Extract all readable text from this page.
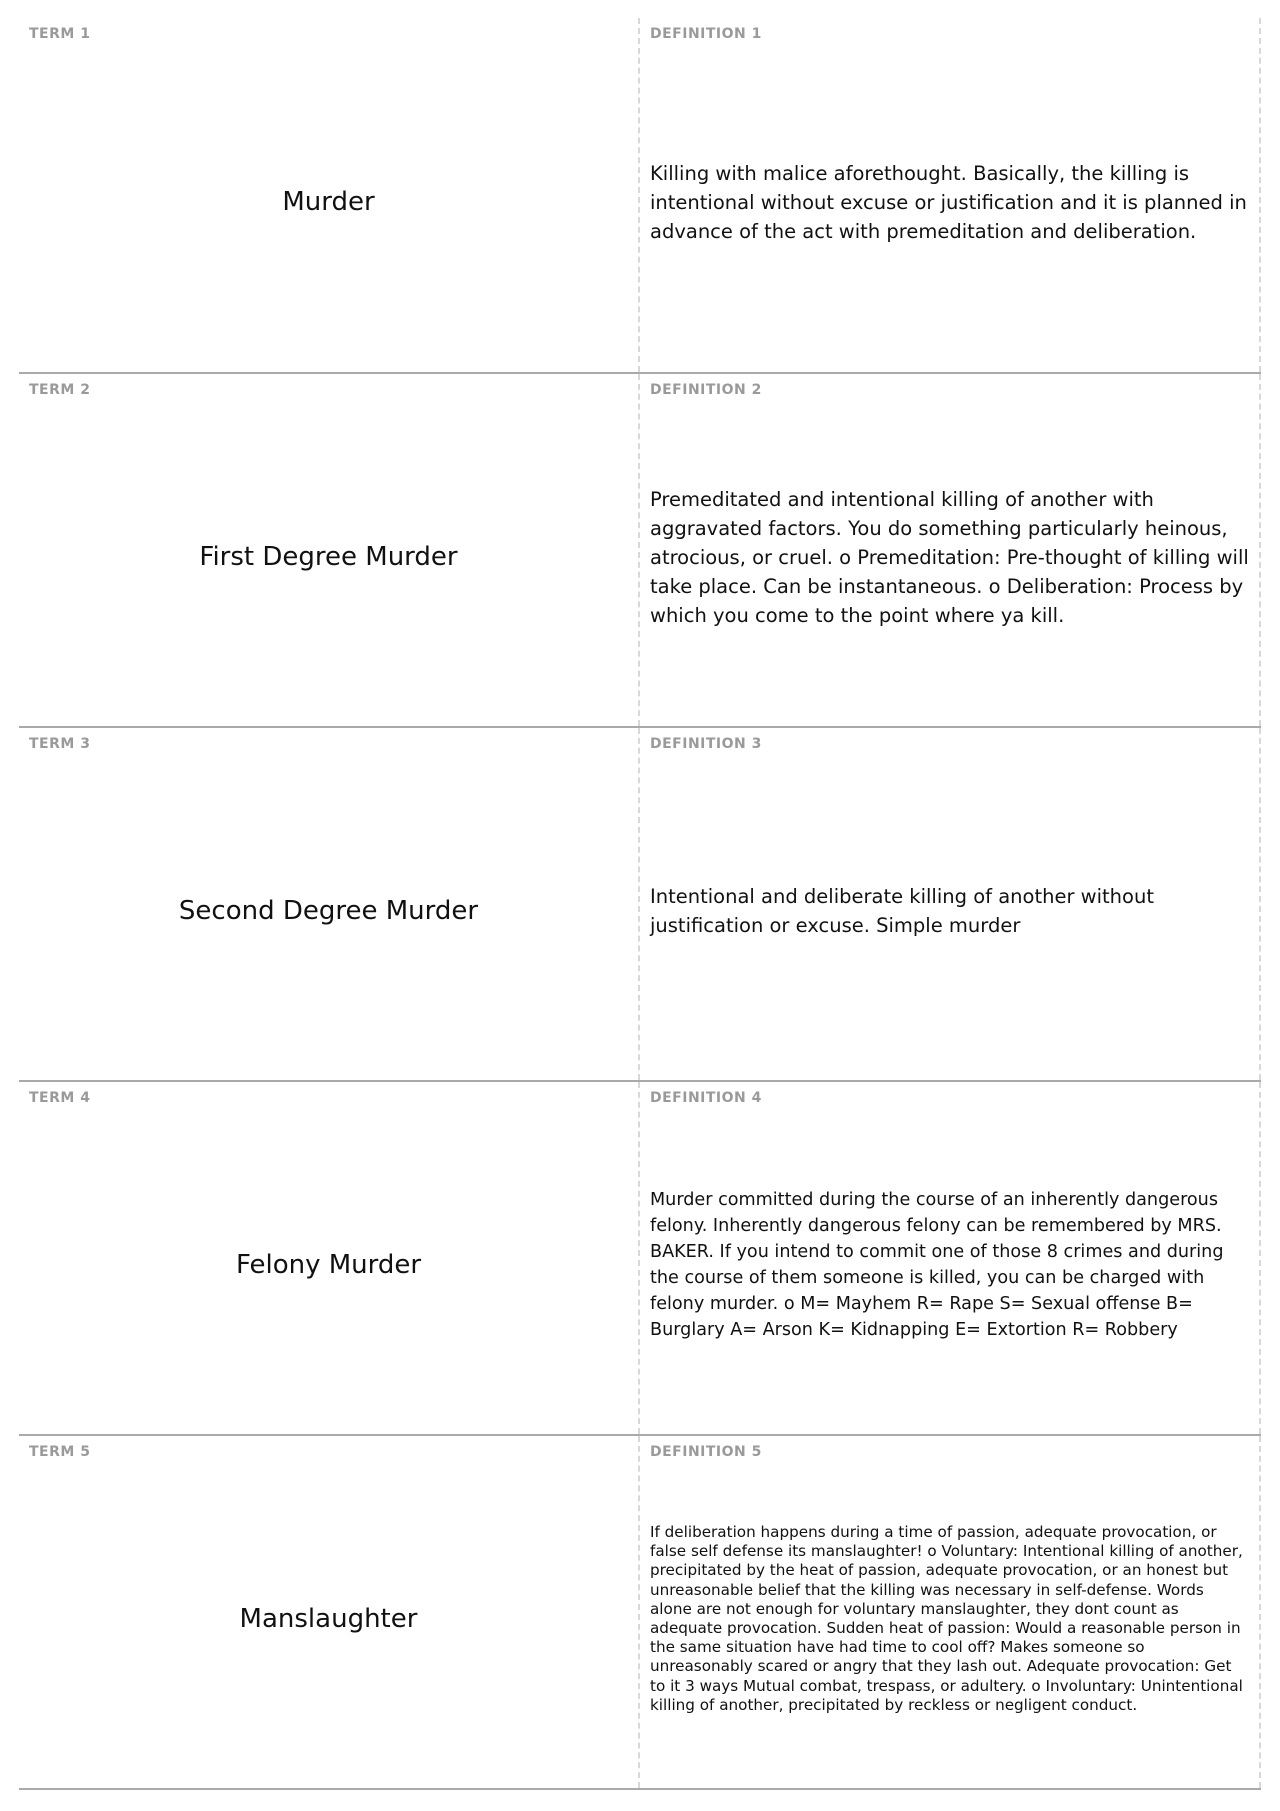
TERM 1
Murder
DEFINITION 1
Killing with malice aforethought. Basically, the killing is intentional without excuse or justification and it is planned in advance of the act with premeditation and deliberation.
TERM 2
First Degree Murder
DEFINITION 2
Premeditated and intentional killing of another with aggravated factors. You do something particularly heinous, atrocious, or cruel. o Premeditation: Pre-thought of killing will take place. Can be instantaneous. o Deliberation: Process by which you come to the point where ya kill.
TERM 3
Second Degree Murder
DEFINITION 3
Intentional and deliberate killing of another without justification or excuse. Simple murder
TERM 4
Felony Murder
DEFINITION 4
Murder committed during the course of an inherently dangerous felony. Inherently dangerous felony can be remembered by MRS. BAKER. If you intend to commit one of those 8 crimes and during the course of them someone is killed, you can be charged with felony murder. o M= Mayhem R= Rape S= Sexual offense B= Burglary A= Arson K= Kidnapping E= Extortion R= Robbery
TERM 5
Manslaughter
DEFINITION 5
If deliberation happens during a time of passion, adequate provocation, or false self defense its manslaughter! o Voluntary: Intentional killing of another, precipitated by the heat of passion, adequate provocation, or an honest but unreasonable belief that the killing was necessary in self-defense. Words alone are not enough for voluntary manslaughter, they dont count as adequate provocation. Sudden heat of passion: Would a reasonable person in the same situation have had time to cool off? Makes someone so unreasonably scared or angry that they lash out. Adequate provocation: Get to it 3 ways Mutual combat, trespass, or adultery. o Involuntary: Unintentional killing of another, precipitated by reckless or negligent conduct.
